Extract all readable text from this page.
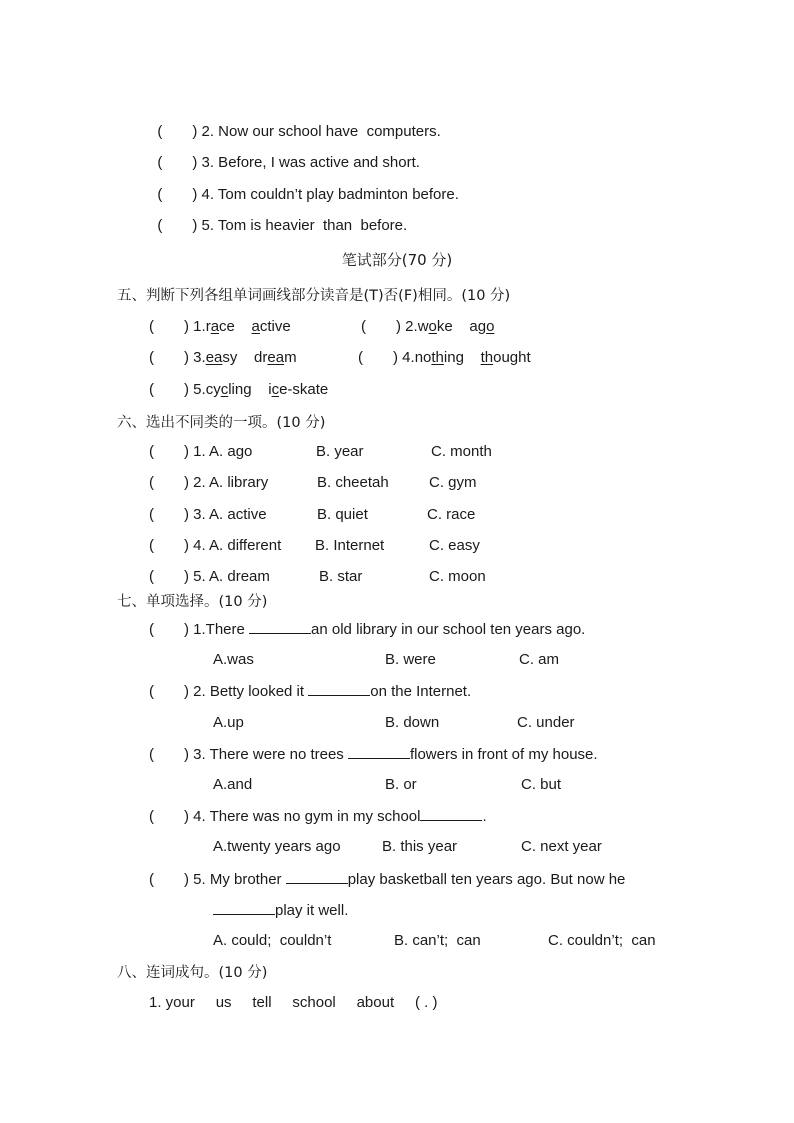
( ) 2. Now our school have  computers.

( ) 3. Before, I was active and short.

( ) 4. Tom couldn’t play badminton before.

( ) 5. Tom is heavier  than  before.

笔试部分(70 分)
五、判断下列各组单词画线部分读音是(T)否(F)相同。(10 分)
( ) 1.race active	( ) 2.woke ago
( ) 3.easy dream	( ) 4.nothing thought
( ) 5.cycling ice-skate
六、选出不同类的一项。(10 分)
( ) 1. A. ago	B. year	C. month
( ) 2. A. library	B. cheetah	C. gym
( ) 3. A. active	B. quiet	C. race
( ) 4. A. different B. Internet	C. easy
( ) 5. A. dream	B. star	C. moon
七、单项选择。(10 分)
( ) 1.There	an old library in our school ten years ago.
A.was	B. were	C. am
( ) 2. Betty looked it	on the Internet.
A.up	B. down	C. under
( ) 3. There were no trees	flowers in front of my house.
A.and	B. or	C. but
( ) 4. There was no gym in my school	.
A.twenty years ago	B. this year	C. next year
( ) 5. My brother	play basketball ten years ago. But now he
play it well.
A. could;  couldn’t	B. can’t;  can	C. couldn’t;  can
八、连词成句。(10 分)
1. your     us     tell     school     about     ( . )
